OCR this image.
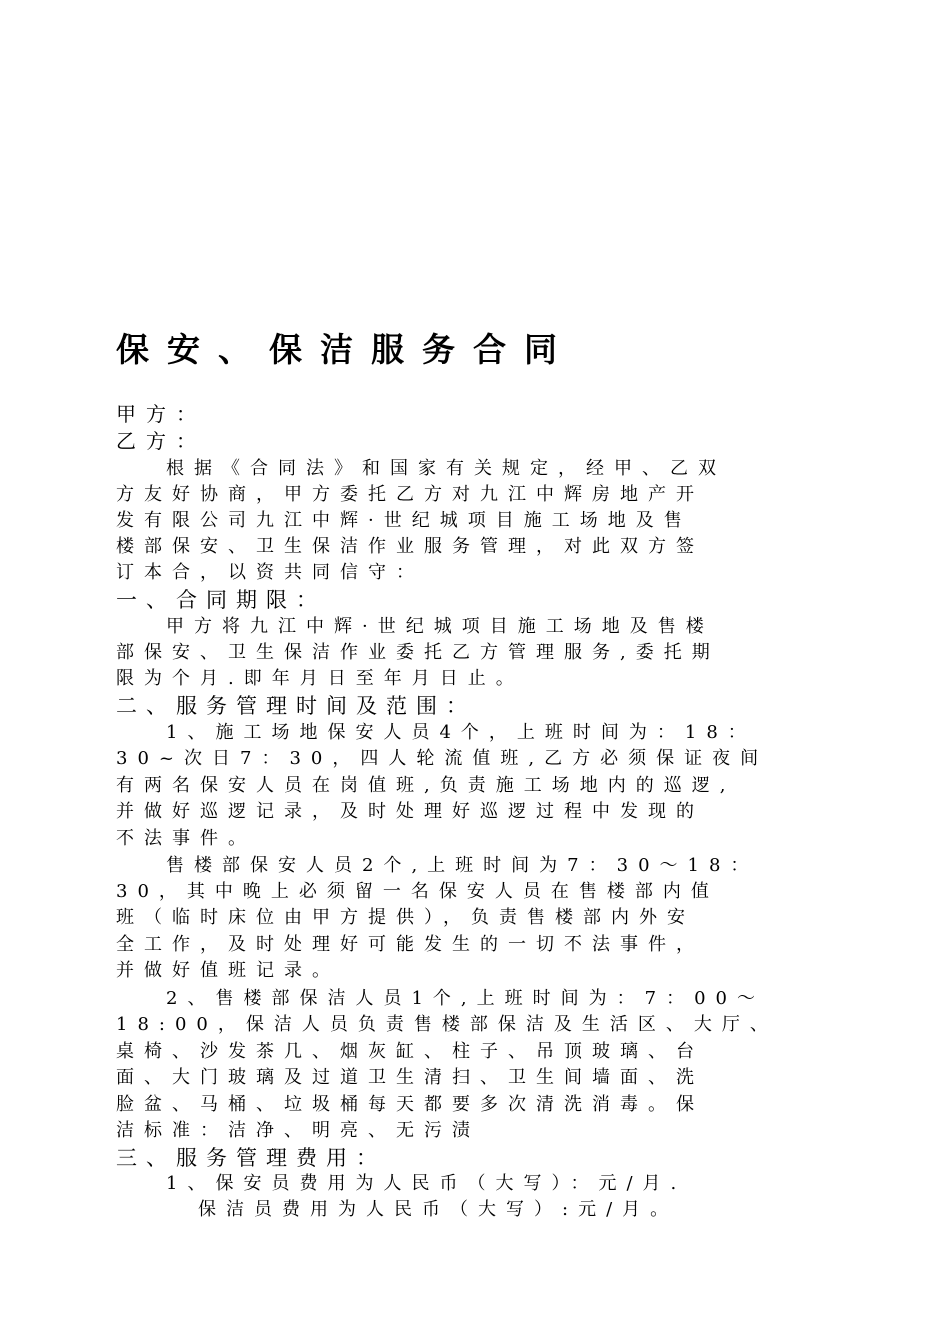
保安、保洁服务合同
甲方：
乙方：
根据《合同法》和国家有关规定，经甲、乙双
方友好协商，甲方委托乙方对九江中辉房地产开
发有限公司九江中辉·世纪城项目施工场地及售
楼部保安、卫生保洁作业服务管理，对此双方签
订本合，以资共同信守：
一、合同期限：
甲方将九江中辉·世纪城项目施工场地及售楼
部保安、卫生保洁作业委托乙方管理服务,委托期
限为个月.即年月日至年月日止。
二、服务管理时间及范围：
1、施工场地保安人员4个，上班时间为：18：
30~次日7：30，四人轮流值班,乙方必须保证夜间
有两名保安人员在岗值班,负责施工场地内的巡逻,
并做好巡逻记录，及时处理好巡逻过程中发现的
不法事件。
售楼部保安人员2个,上班时间为7：30～18：
30，其中晚上必须留一名保安人员在售楼部内值
班（临时床位由甲方提供），负责售楼部内外安
全工作，及时处理好可能发生的一切不法事件，
并做好值班记录。
2、售楼部保洁人员1个,上班时间为：7：00～
18:00，保洁人员负责售楼部保洁及生活区、大厅、
桌椅、沙发茶几、烟灰缸、柱子、吊顶玻璃、台
面、大门玻璃及过道卫生清扫、卫生间墙面、洗
脸盆、马桶、垃圾桶每天都要多次清洗消毒。保
洁标准：洁净、明亮、无污渍
三、服务管理费用：
1、保安员费用为人民币（大写）：元/月.
保洁员费用为人民币（大写）:元/月。
